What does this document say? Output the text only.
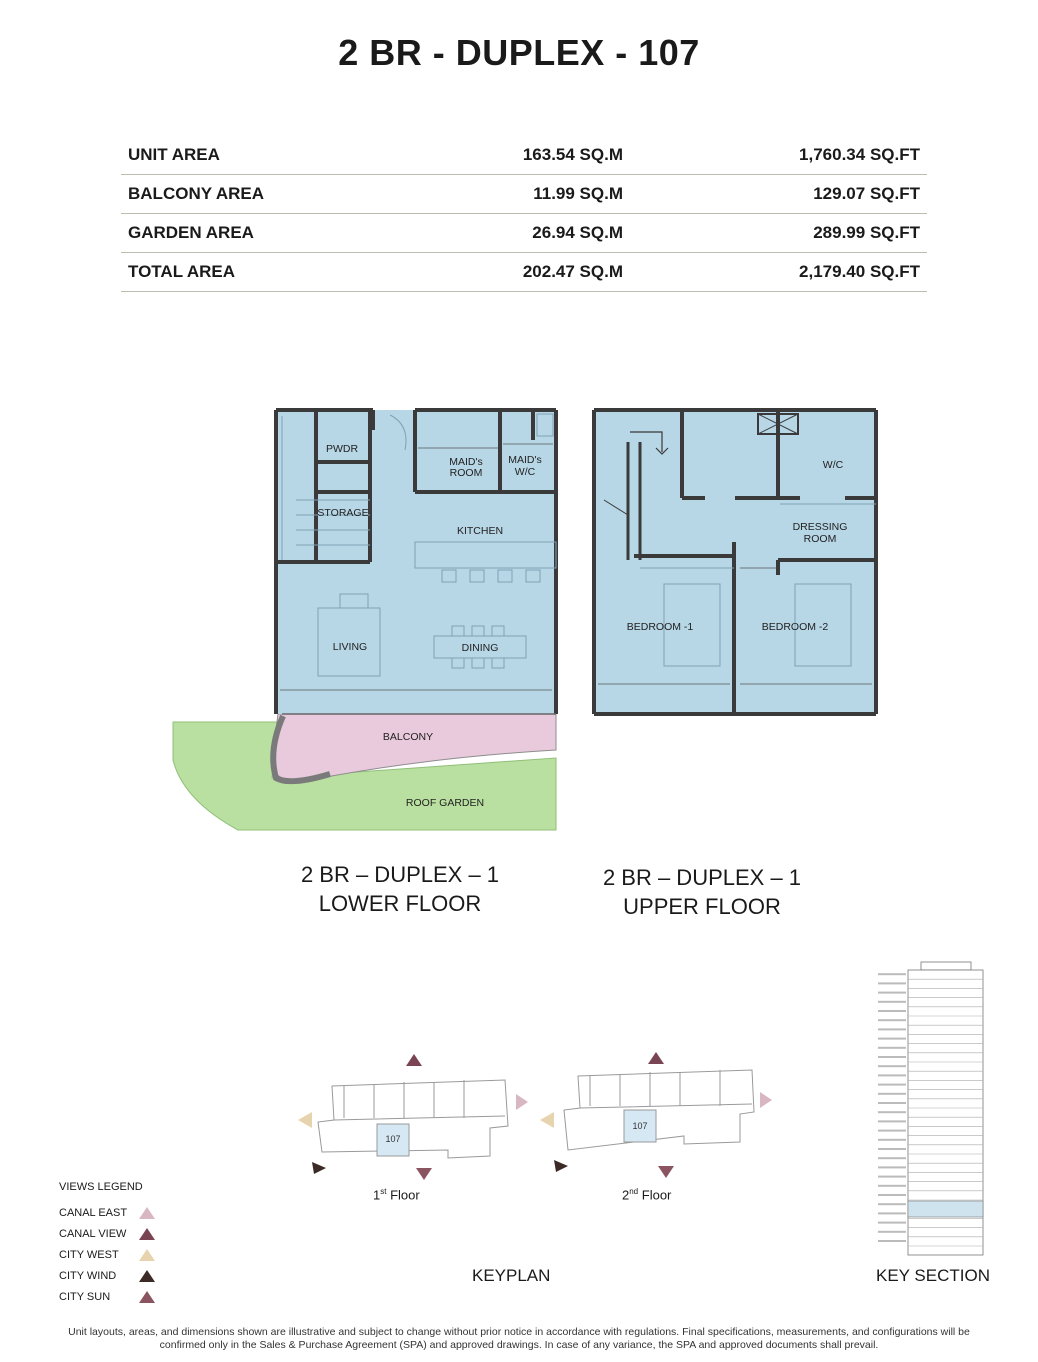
2 BR - DUPLEX - 107
UNIT AREA	163.54 SQ.M	1,760.34 SQ.FT
BALCONY AREA	11.99 SQ.M	129.07 SQ.FT
GARDEN AREA	26.94 SQ.M	289.99 SQ.FT
TOTAL AREA	202.47 SQ.M	2,179.40 SQ.FT
PWDR
MAID's
ROOM
MAID's
W/C
STORAGE
KITCHEN
LIVING	DINING
BALCONY
ROOF GARDEN
W/C
DRESSING
ROOM
BEDROOM -1	BEDROOM -2
107
107
2 BR – DUPLEX – 1
LOWER FLOOR
2 BR – DUPLEX – 1
UPPER FLOOR
1st Floor	2nd Floor
KEYPLAN	KEY SECTION
VIEWS LEGEND
CANAL EAST
CANAL VIEW
CITY WEST
CITY WIND
CITY SUN
Unit layouts, areas, and dimensions shown are illustrative and subject to change without prior notice in accordance with regulations. Final specifications, measurements, and configurations will be confirmed only in the Sales & Purchase Agreement (SPA) and approved drawings. In case of any variance, the SPA and approved documents shall prevail.
